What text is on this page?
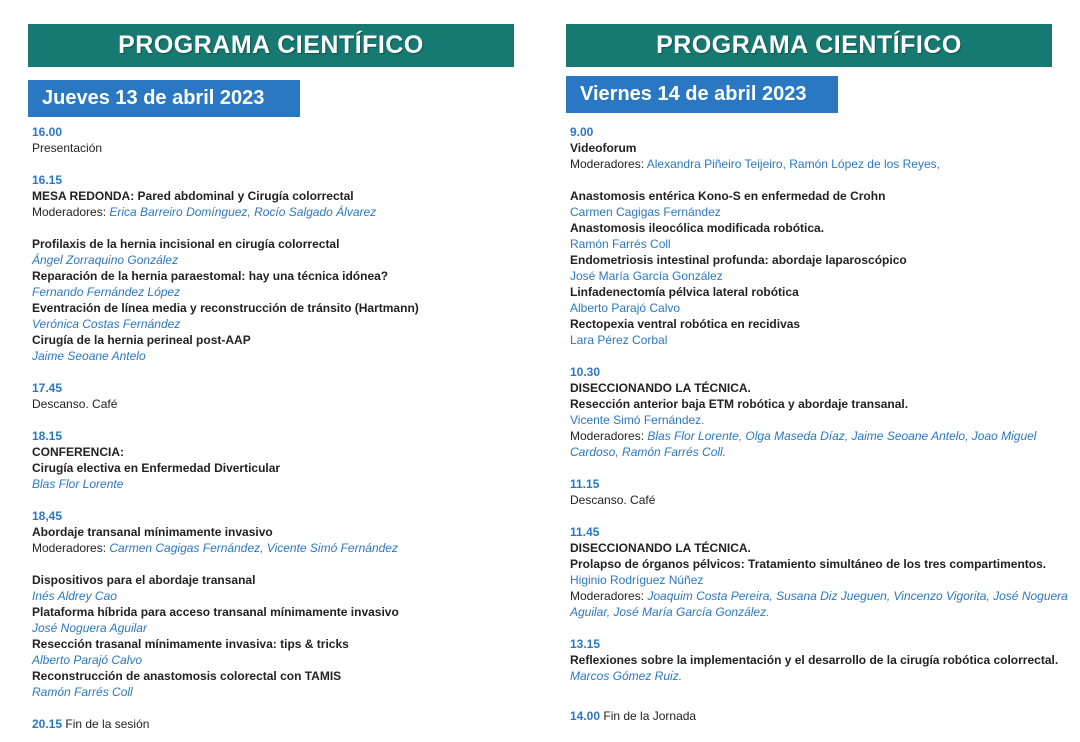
PROGRAMA CIENTÍFICO
Jueves 13 de abril 2023
16.00
Presentación
16.15
MESA REDONDA: Pared abdominal y Cirugía colorrectal
Moderadores: Erica Barreiro Domínguez, Rocío Salgado Álvarez
Profilaxis de la hernia incisional en cirugía colorrectal
Ángel Zorraquino González
Reparación de la hernia paraestomal: hay una técnica idónea?
Fernando Fernández López
Eventración de línea media y reconstrucción de tránsito (Hartmann)
Verónica Costas Fernández
Cirugía de la hernia perineal post-AAP
Jaime Seoane Antelo
17.45
Descanso. Café
18.15
CONFERENCIA:
Cirugía electiva en Enfermedad Diverticular
Blas Flor Lorente
18,45
Abordaje transanal mínimamente invasivo
Moderadores: Carmen Cagigas Fernández, Vicente Simó Fernández
Dispositivos para el abordaje transanal
Inés Aldrey Cao
Plataforma híbrida para acceso transanal mínimamente invasivo
José Noguera Aguilar
Resección trasanal mínimamente invasiva: tips & tricks
Alberto Parajó Calvo
Reconstrucción de anastomosis colorectal con TAMIS
Ramón Farrés Coll
20.15 Fin de la sesión
PROGRAMA CIENTÍFICO
Viernes 14 de abril 2023
9.00
Videoforum
Moderadores: Alexandra Piñeiro Teijeiro, Ramón López de los Reyes,
Anastomosis entérica Kono-S en enfermedad de Crohn
Carmen Cagigas Fernández
Anastomosis ileocólica modificada robótica.
Ramón Farrés Coll
Endometriosis intestinal profunda: abordaje laparoscópico
José María García González
Linfadenectomía pélvica lateral robótica
Alberto Parajó Calvo
Rectopexia ventral robótica en recidivas
Lara Pérez Corbal
10.30
DISECCIONANDO LA TÉCNICA.
Resección anterior baja ETM robótica y abordaje transanal.
Vicente Simó Fernández.
Moderadores: Blas Flor Lorente, Olga Maseda Díaz, Jaime Seoane Antelo, Joao Miguel
Cardoso, Ramón Farrés Coll.
11.15
Descanso. Café
11.45
DISECCIONANDO LA TÉCNICA.
Prolapso de órganos pélvicos: Tratamiento simultáneo de los tres compartimentos.
Higinio Rodríguez Núñez
Moderadores: Joaquim Costa Pereira, Susana Diz Jueguen, Vincenzo Vigorita, José Noguera
Aguilar, José María García González.
13.15
Reflexiones sobre la implementación y el desarrollo de la cirugía robótica colorrectal.
Marcos Gómez Ruiz.
14.00 Fin de la Jornada
